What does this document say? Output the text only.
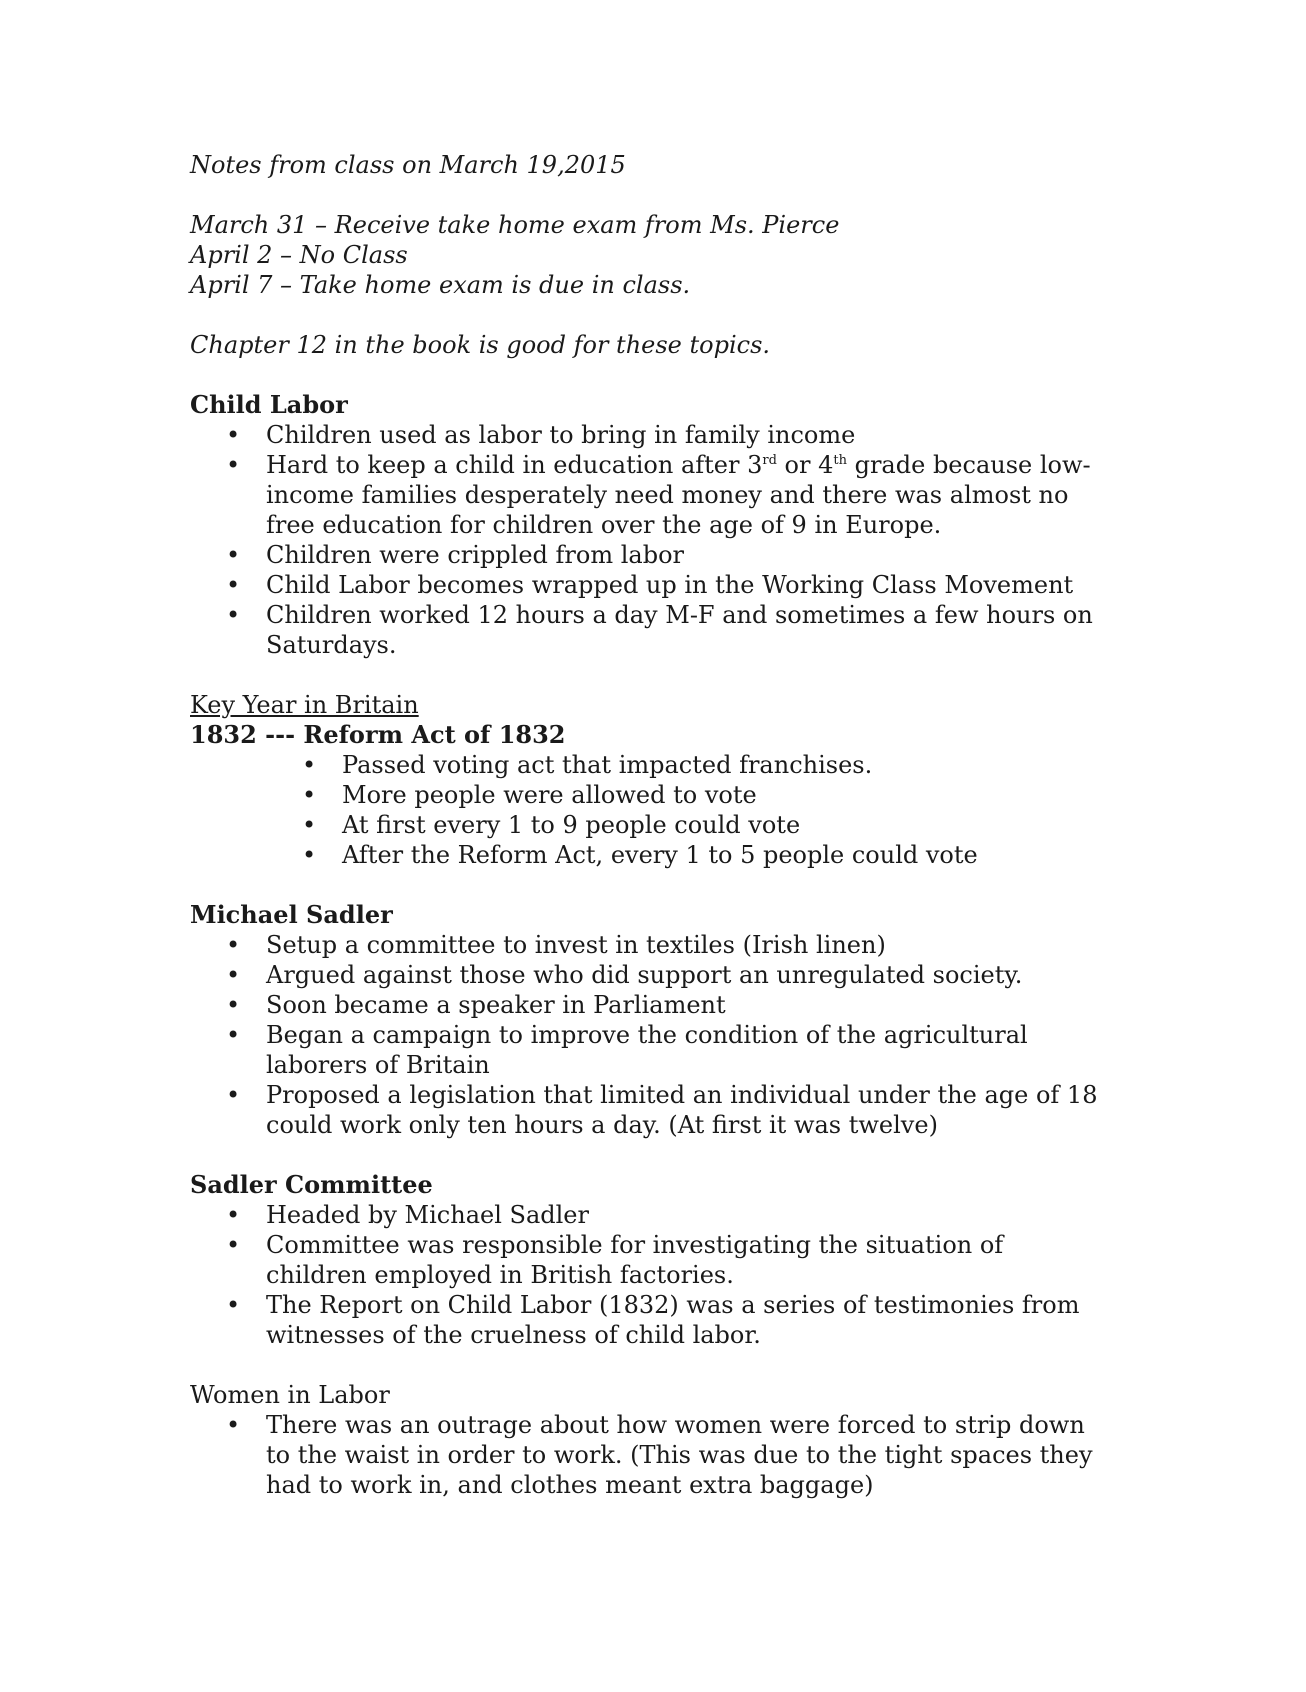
Notes from class on March 19,2015

March 31 – Receive take home exam from Ms. Pierce

April 2 – No Class

April 7 – Take home exam is due in class.

Chapter 12 in the book is good for these topics.

Child Labor

• Children used as labor to bring in family income
• Hard to keep a child in education after 3rd or 4th grade because low-income families desperately need money and there was almost no free education for children over the age of 9 in Europe.
• Children were crippled from labor
• Child Labor becomes wrapped up in the Working Class Movement
• Children worked 12 hours a day M-F and sometimes a few hours on Saturdays.

Key Year in Britain

1832 --- Reform Act of 1832

• Passed voting act that impacted franchises.
• More people were allowed to vote
• At first every 1 to 9 people could vote
• After the Reform Act, every 1 to 5 people could vote

Michael Sadler

• Setup a committee to invest in textiles (Irish linen)
• Argued against those who did support an unregulated society.
• Soon became a speaker in Parliament
• Began a campaign to improve the condition of the agricultural laborers of Britain
• Proposed a legislation that limited an individual under the age of 18 could work only ten hours a day. (At first it was twelve)

Sadler Committee

• Headed by Michael Sadler
• Committee was responsible for investigating the situation of children employed in British factories.
• The Report on Child Labor (1832) was a series of testimonies from witnesses of the cruelness of child labor.

Women in Labor

• There was an outrage about how women were forced to strip down to the waist in order to work. (This was due to the tight spaces they had to work in, and clothes meant extra baggage)
